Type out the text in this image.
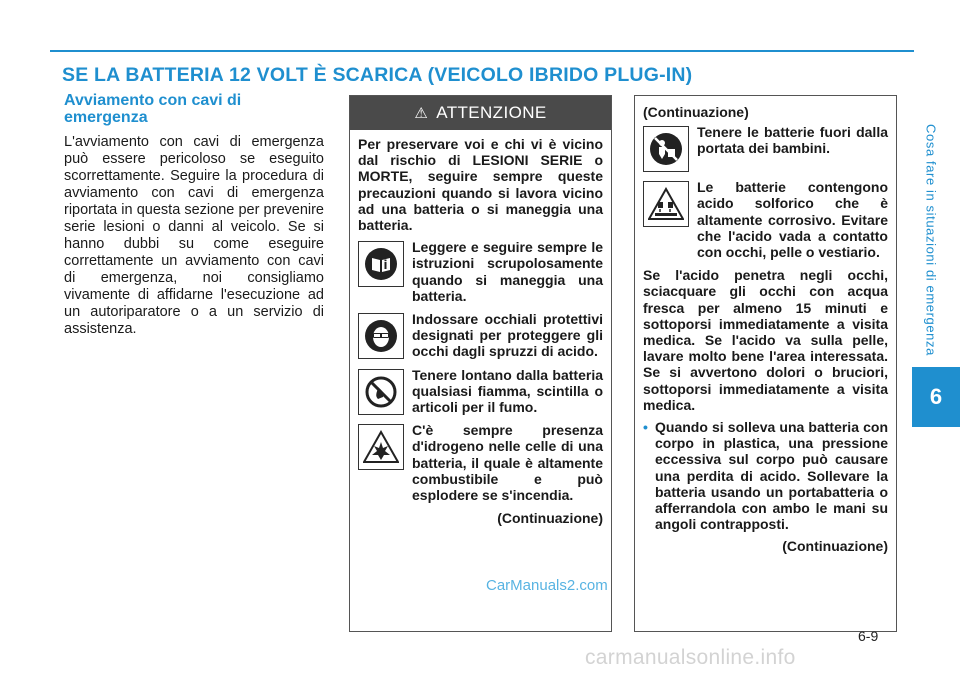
SE LA BATTERIA 12 VOLT È SCARICA (VEICOLO IBRIDO PLUG-IN)
Cosa fare in situazioni di emergenza
6
Avviamento con cavi di emergenza

L'avviamento con cavi di emergenza può essere pericoloso se eseguito scorrettamente. Seguire la procedura di avviamento con cavi di emergenza riportata in questa sezione per prevenire serie lesioni o danni al veicolo. Se si hanno dubbi su come eseguire correttamente un avviamento con cavi di emergenza, noi consigliamo vivamente di affidarne l'esecuzione ad un autoriparatore o a un servizio di assistenza.

⚠ ATTENZIONE

Per preservare voi e chi vi è vicino dal rischio di LESIONI SERIE o MORTE, seguire sempre queste precauzioni quando si lavora vicino ad una batteria o si maneggia una batteria.

Leggere e seguire sempre le istruzioni scrupolosamente quando si maneggia una batteria.
Indossare occhiali protettivi designati per proteggere gli occhi dagli spruzzi di acido.
Tenere lontano dalla batteria qualsiasi fiamma, scintilla o articoli per il fumo.
C'è sempre presenza d'idrogeno nelle celle di una batteria, il quale è altamente combustibile e può esplodere se s'incendia.
(Continuazione)

(Continuazione)

Tenere le batterie fuori dalla portata dei bambini.
Le batterie contengono acido solforico che è altamente corrosivo. Evitare che l'acido vada a contatto con occhi, pelle o vestiario.

Se l'acido penetra negli occhi, sciacquare gli occhi con acqua fresca per almeno 15 minuti e sottoporsi immediatamente a visita medica. Se l'acido va sulla pelle, lavare molto bene l'area interessata. Se si avvertono dolori o bruciori, sottoporsi immediatamente a visita medica.

• Quando si solleva una batteria con corpo in plastica, una pressione eccessiva sul corpo può causare una perdita di acido. Sollevare la batteria usando un portabatteria o afferrandola con ambo le mani su angoli contrapposti.
(Continuazione)
6-9
CarManuals2.com
carmanualsonline.info
